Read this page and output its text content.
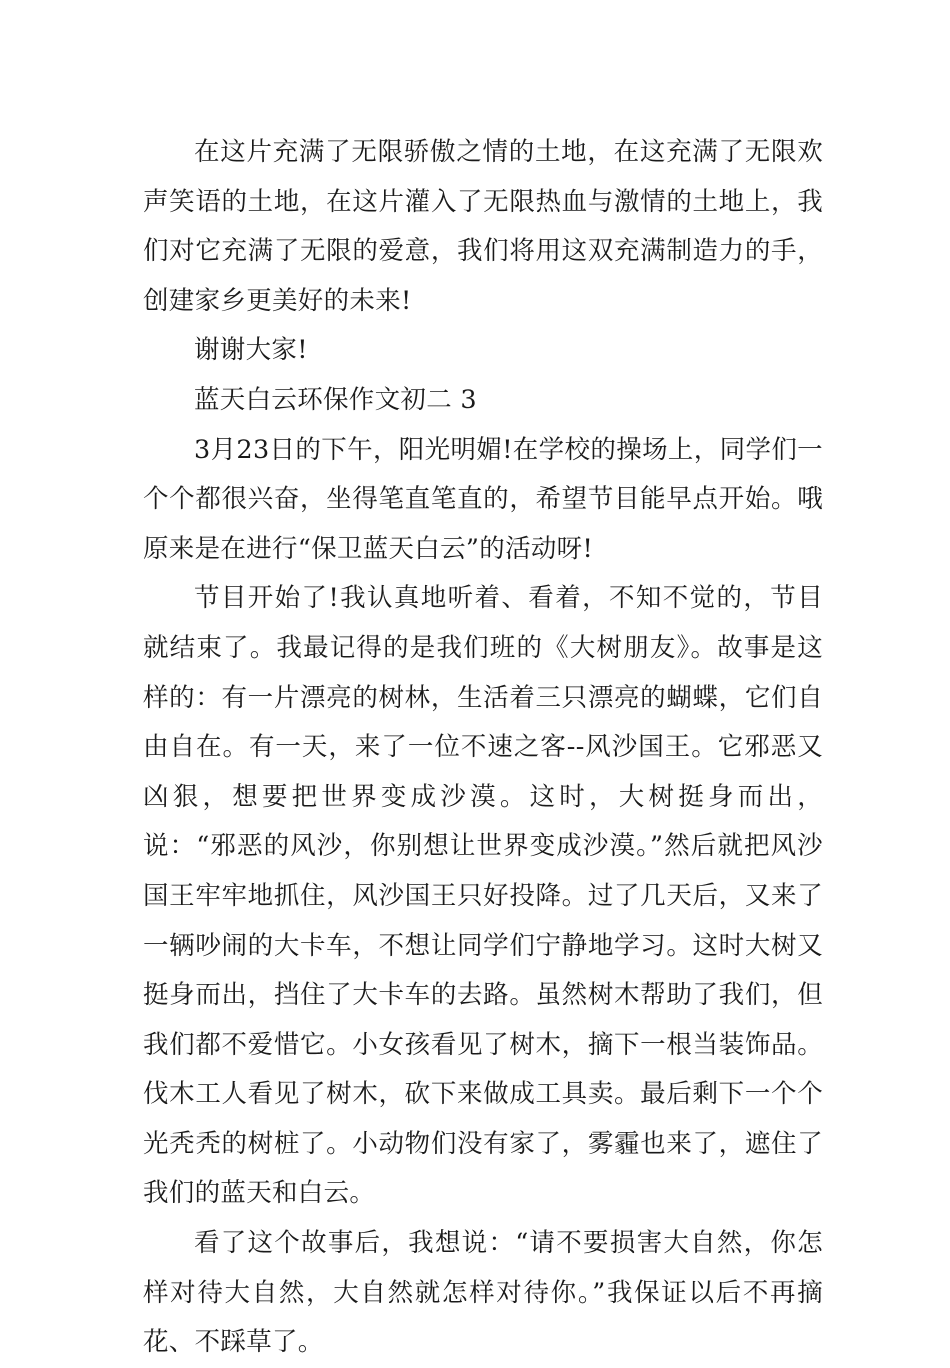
在这片充满了无限骄傲之情的土地，在这充满了无限欢声笑语的土地，在这片灌入了无限热血与激情的土地上，我们对它充满了无限的爱意，我们将用这双充满制造力的手，创建家乡更美好的未来!

谢谢大家!

蓝天白云环保作文初二 3

3月23日的下午，阳光明媚!在学校的操场上，同学们一个个都很兴奋，坐得笔直笔直的，希望节目能早点开始。哦原来是在进行“保卫蓝天白云”的活动呀!

节目开始了!我认真地听着、看着，不知不觉的，节目就结束了。我最记得的是我们班的《大树朋友》。故事是这样的：有一片漂亮的树林，生活着三只漂亮的蝴蝶，它们自由自在。有一天，来了一位不速之客--风沙国王。它邪恶又凶狠，想要把世界变成沙漠。这时，大树挺身而出，说：“邪恶的风沙，你别想让世界变成沙漠。”然后就把风沙国王牢牢地抓住，风沙国王只好投降。过了几天后，又来了一辆吵闹的大卡车，不想让同学们宁静地学习。这时大树又挺身而出，挡住了大卡车的去路。虽然树木帮助了我们，但我们都不爱惜它。小女孩看见了树木，摘下一根当装饰品。伐木工人看见了树木，砍下来做成工具卖。最后剩下一个个光秃秃的树桩了。小动物们没有家了，雾霾也来了，遮住了我们的蓝天和白云。

看了这个故事后，我想说：“请不要损害大自然，你怎样对待大自然，大自然就怎样对待你。”我保证以后不再摘花、不踩草了。
